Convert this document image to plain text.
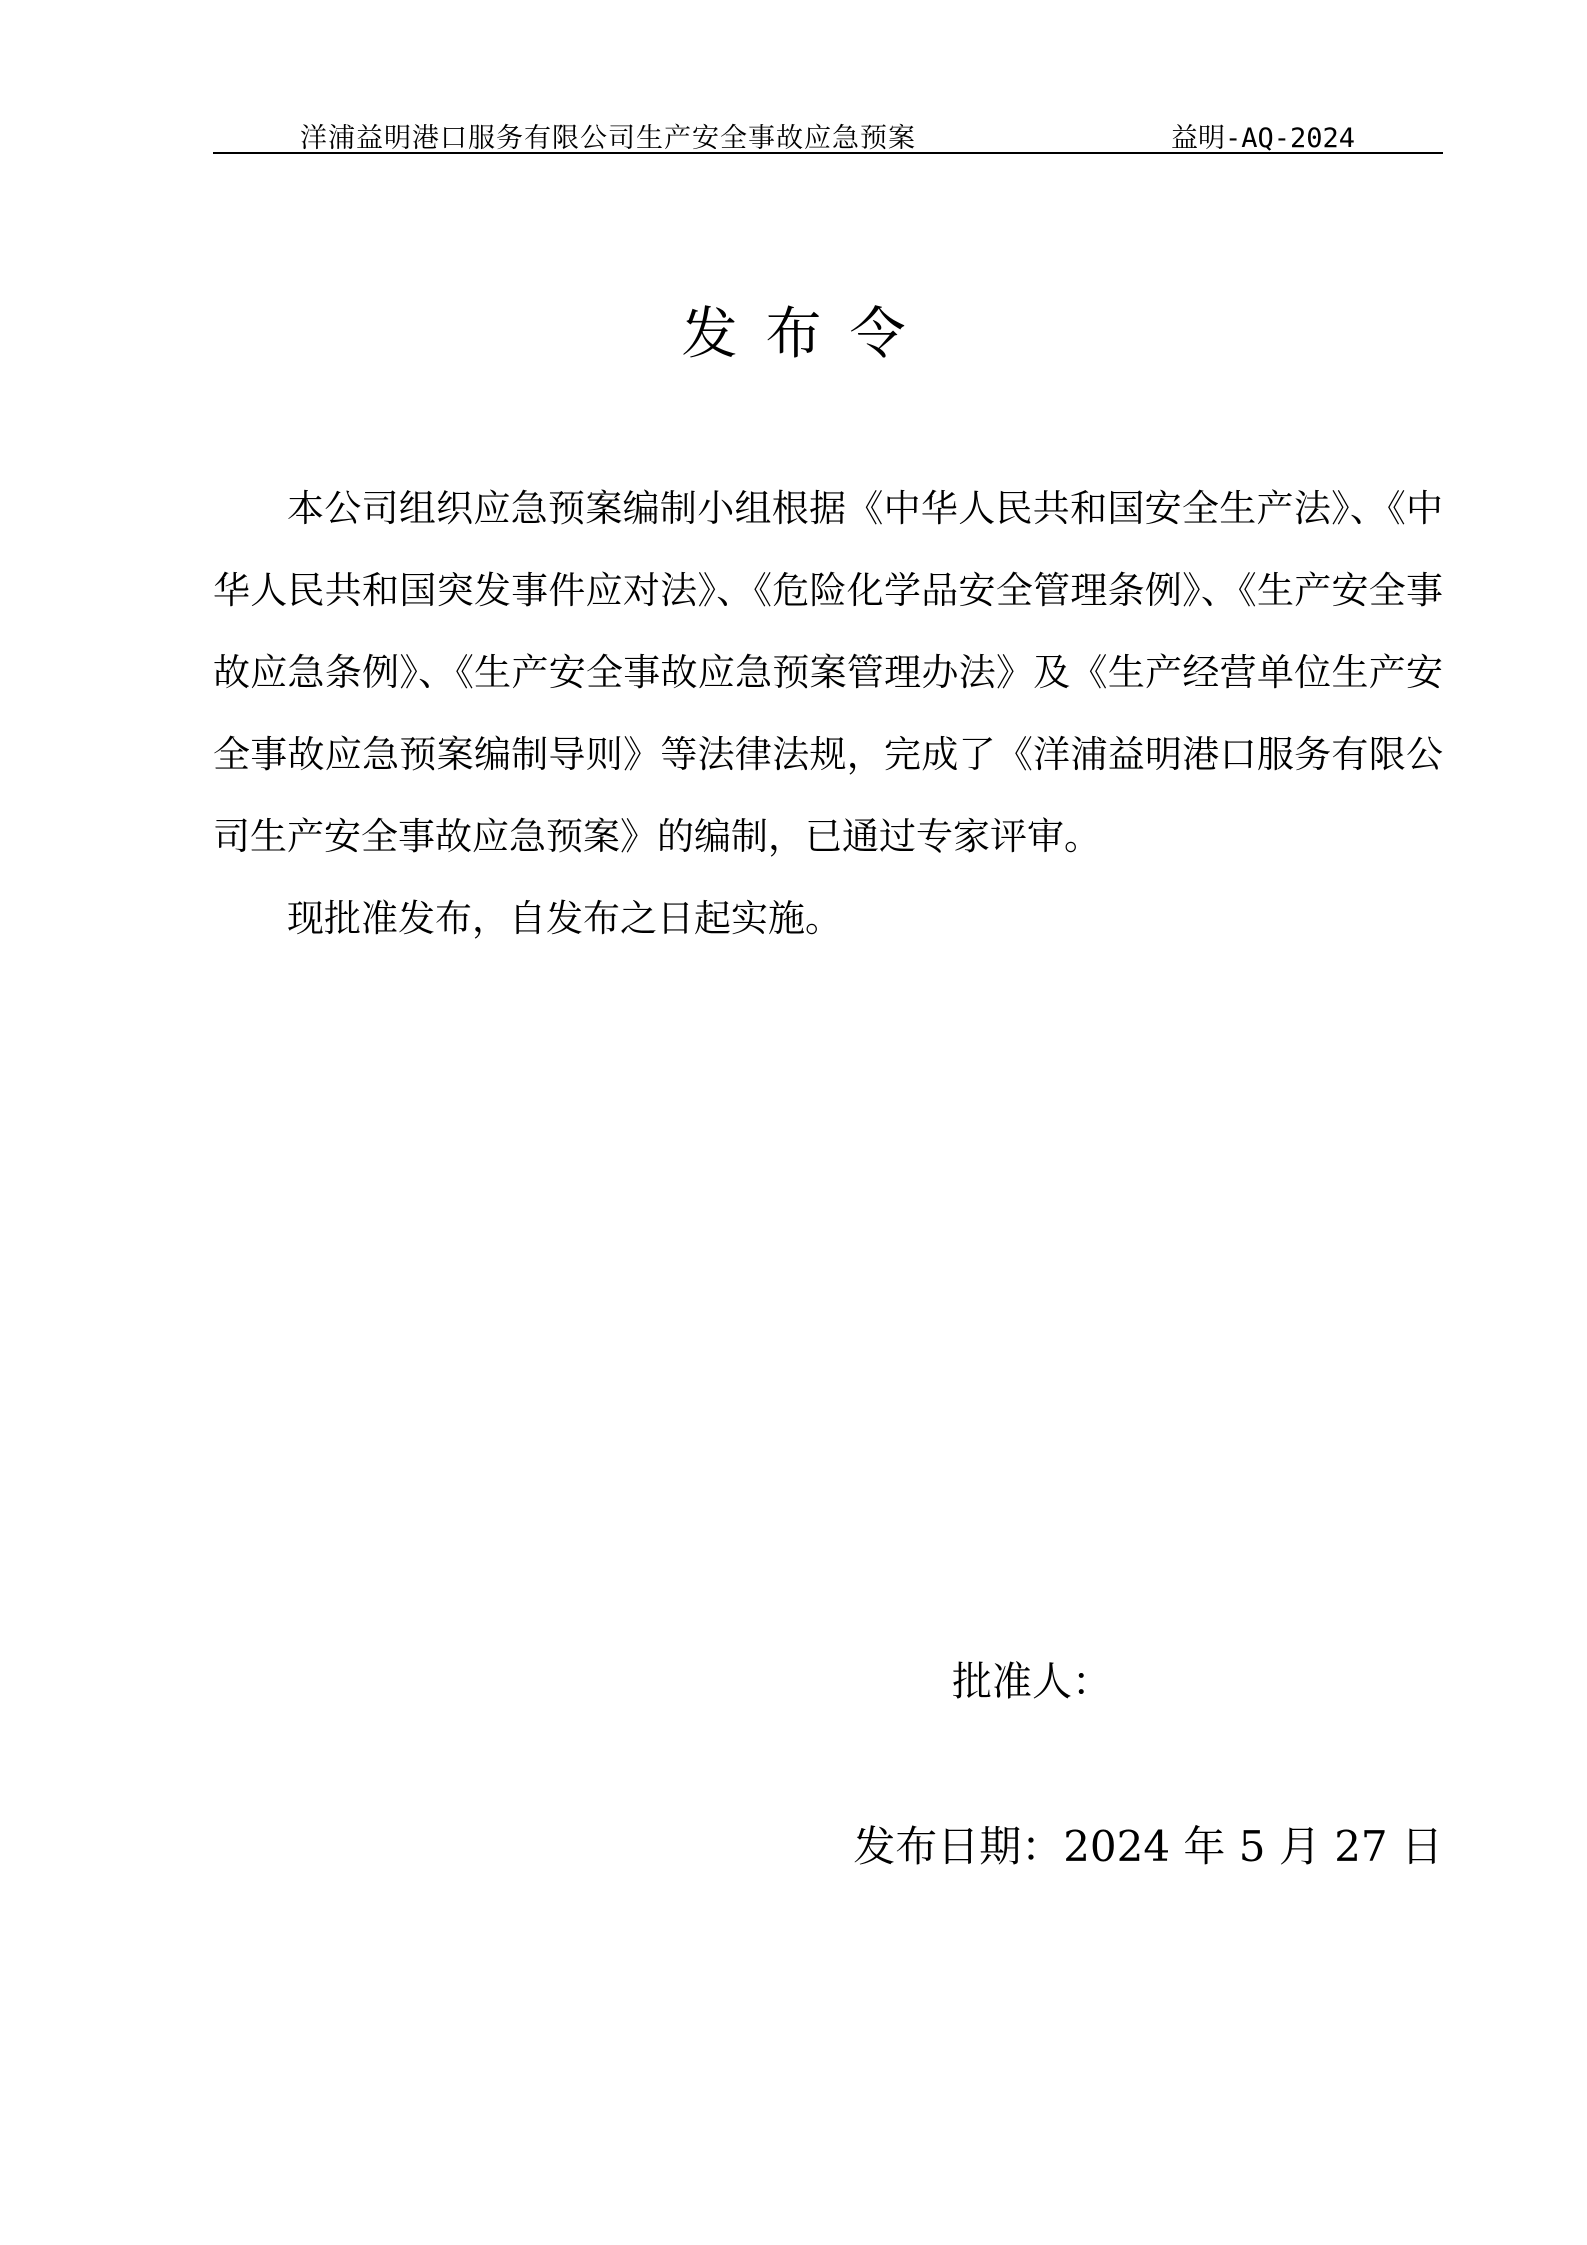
洋浦益明港口服务有限公司生产安全事故应急预案	益明-AQ-2024
发布令

本公司组织应急预案编制小组根据《中华人民共和国安全生产法》、《中华人民共和国突发事件应对法》、《危险化学品安全管理条例》、《生产安全事故应急条例》、《生产安全事故应急预案管理办法》及《生产经营单位生产安全事故应急预案编制导则》等法律法规，完成了《洋浦益明港口服务有限公司生产安全事故应急预案》的编制，已通过专家评审。

现批准发布，自发布之日起实施。

批准人：
发布日期：2024 年 5 月 27 日
